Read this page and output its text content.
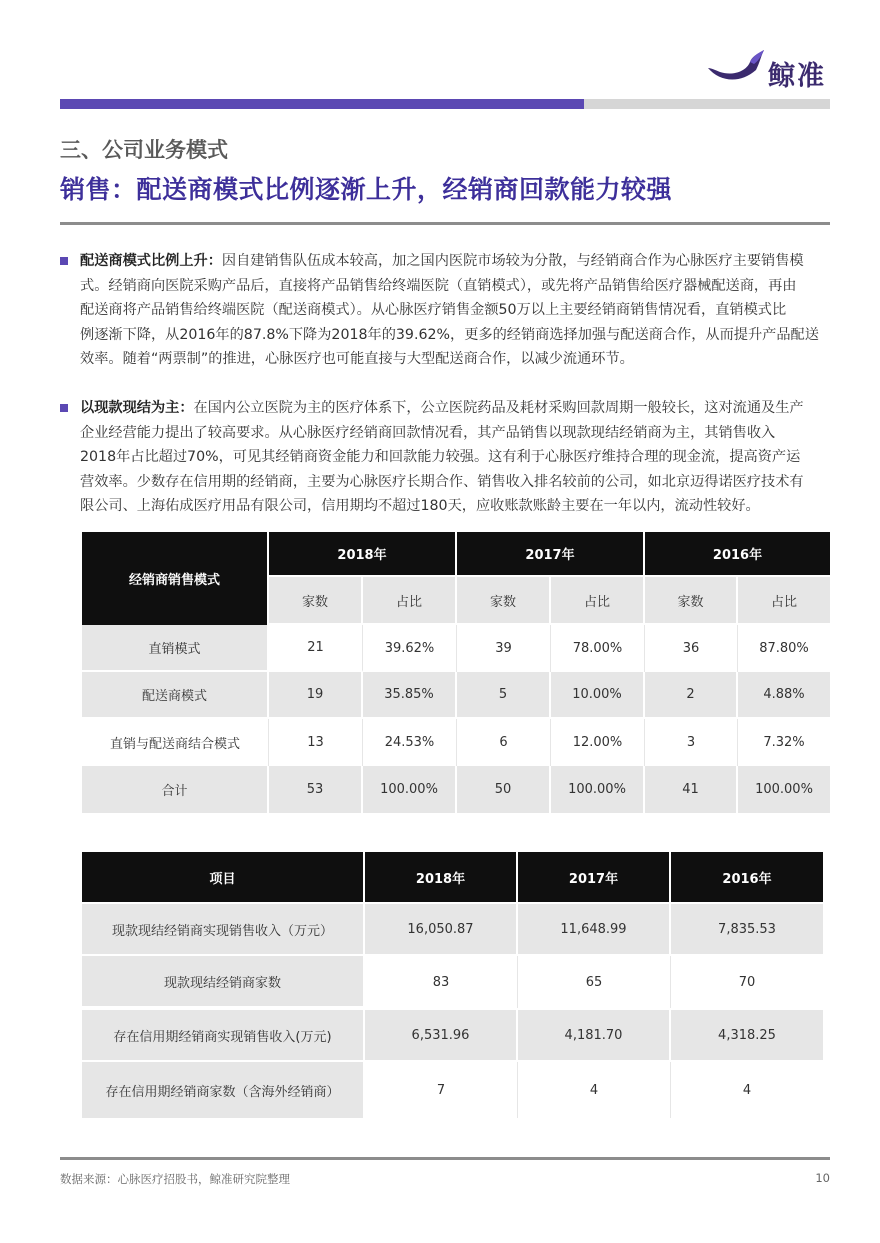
鲸准
三、公司业务模式
销售：配送商模式比例逐渐上升，经销商回款能力较强
配送商模式比例上升：因自建销售队伍成本较高，加之国内医院市场较为分散，与经销商合作为心脉医疗主要销售模
式。经销商向医院采购产品后，直接将产品销售给终端医院（直销模式），或先将产品销售给医疗器械配送商，再由
配送商将产品销售给终端医院（配送商模式）。从心脉医疗销售金额50万以上主要经销商销售情况看，直销模式比
例逐渐下降，从2016年的87.8%下降为2018年的39.62%，更多的经销商选择加强与配送商合作，从而提升产品配送
效率。随着“两票制”的推进，心脉医疗也可能直接与大型配送商合作，以减少流通环节。
以现款现结为主：在国内公立医院为主的医疗体系下，公立医院药品及耗材采购回款周期一般较长，这对流通及生产
企业经营能力提出了较高要求。从心脉医疗经销商回款情况看，其产品销售以现款现结经销商为主，其销售收入
2018年占比超过70%，可见其经销商资金能力和回款能力较强。这有利于心脉医疗维持合理的现金流，提高资产运
营效率。少数存在信用期的经销商，主要为心脉医疗长期合作、销售收入排名较前的公司，如北京迈得诺医疗技术有
限公司、上海佑成医疗用品有限公司，信用期均不超过180天，应收账款账龄主要在一年以内，流动性较好。
经销商销售模式
2018年	2017年	2016年
家数	占比	家数	占比	家数	占比
直销模式	21	39.62%	39	78.00%	36	87.80%
配送商模式	19	35.85%	5	10.00%	2	4.88%
直销与配送商结合模式	13	24.53%	6	12.00%	3	7.32%
合计	53	100.00%	50	100.00%	41	100.00%
项目	2018年	2017年	2016年
现款现结经销商实现销售收入（万元）	16,050.87	11,648.99	7,835.53
现款现结经销商家数	83	65	70
存在信用期经销商实现销售收入(万元)	6,531.96	4,181.70	4,318.25
存在信用期经销商家数（含海外经销商）	7	4	4
数据来源：心脉医疗招股书，鲸准研究院整理	10
